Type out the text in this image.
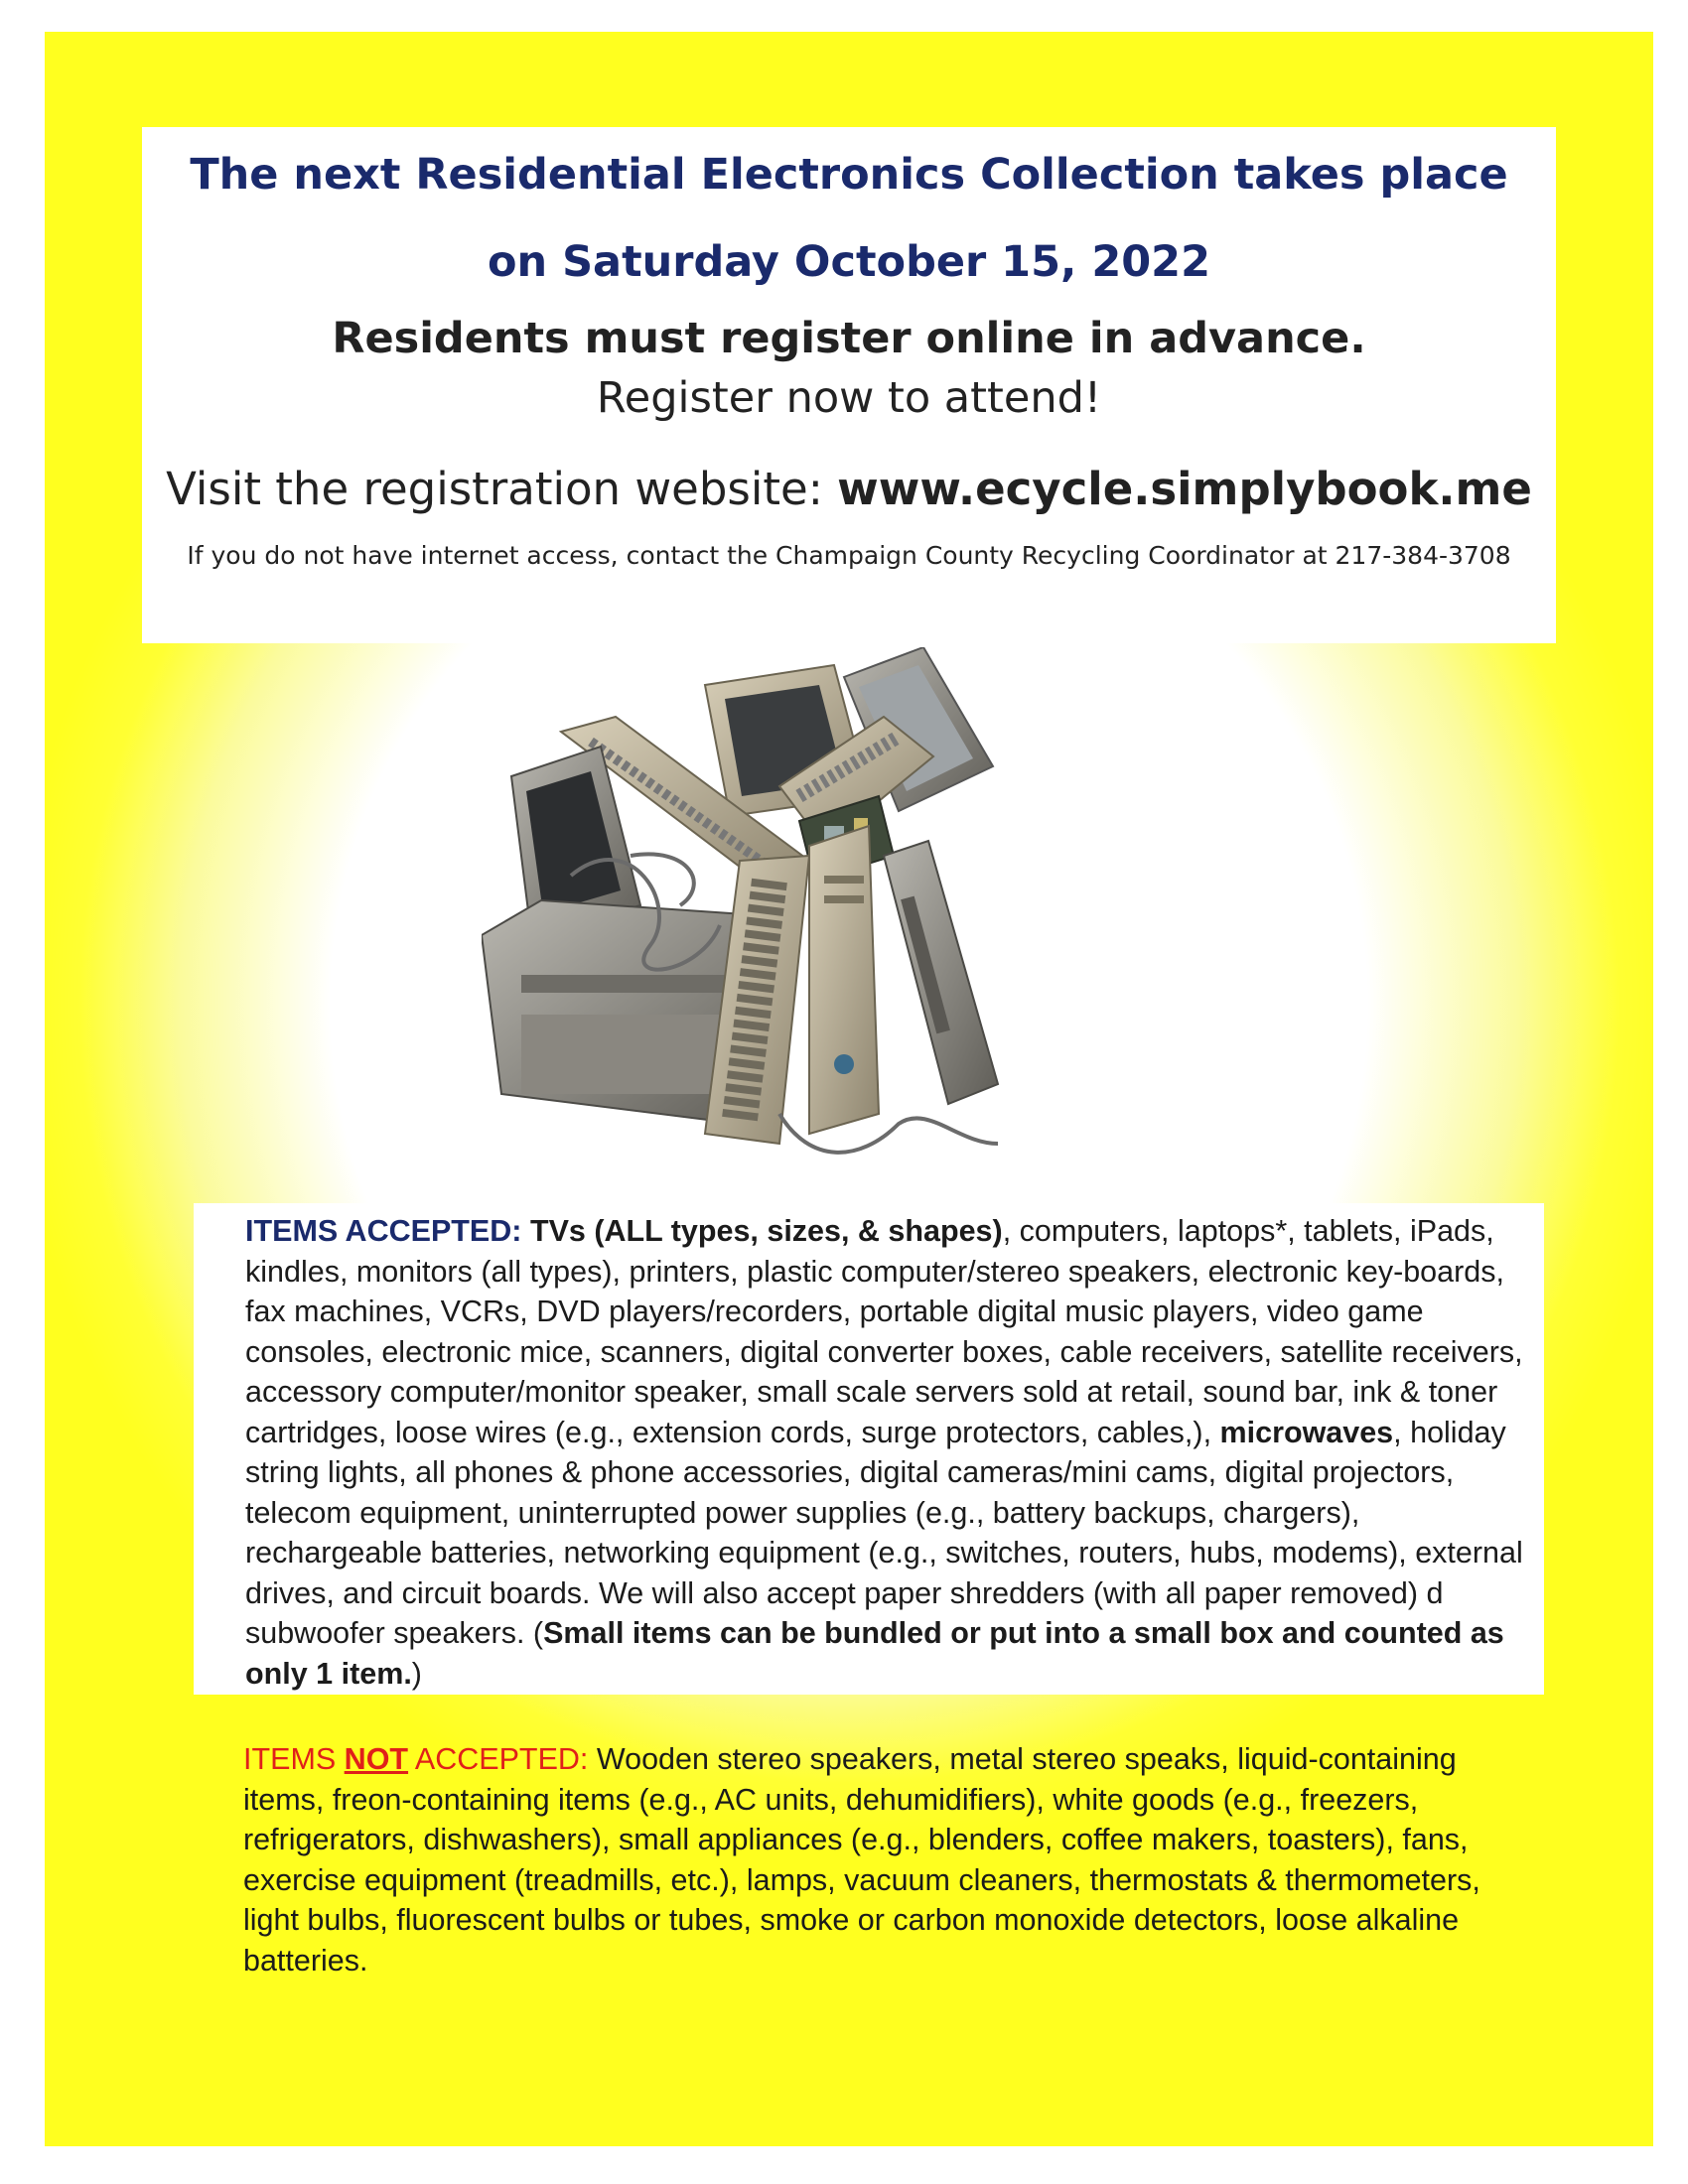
The next Residential Electronics Collection takes place
on Saturday October 15, 2022

Residents must register online in advance.
Register now to attend!
Visit the registration website: www.ecycle.simplybook.me
If you do not have internet access, contact the Champaign County Recycling Coordinator at 217-384-3708
ITEMS ACCEPTED: TVs (ALL types, sizes, & shapes), computers, laptops*, tablets, iPads, kindles, monitors (all types), printers, plastic computer/stereo speakers, electronic key-boards, fax machines, VCRs, DVD players/recorders, portable digital music players, video game consoles, electronic mice, scanners, digital converter boxes, cable receivers, satellite receivers, accessory computer/monitor speaker, small scale servers sold at retail, sound bar, ink & toner cartridges, loose wires (e.g., extension cords, surge protectors, cables,), microwaves, holiday string lights, all phones & phone accessories, digital cameras/mini cams, digital projectors, telecom equipment, uninterrupted power supplies (e.g., battery backups, chargers), rechargeable batteries, networking equipment (e.g., switches, routers, hubs, modems), external drives, and circuit boards. We will also accept paper shredders (with all paper removed) d subwoofer speakers. (Small items can be bundled or put into a small box and counted as only 1 item.)
ITEMS NOT ACCEPTED: Wooden stereo speakers, metal stereo speaks, liquid-containing items, freon-containing items (e.g., AC units, dehumidifiers), white goods (e.g., freezers, refrigerators, dishwashers), small appliances (e.g., blenders, coffee makers, toasters), fans, exercise equipment (treadmills, etc.), lamps, vacuum cleaners, thermostats & thermometers, light bulbs, fluorescent bulbs or tubes, smoke or carbon monoxide detectors, loose alkaline batteries.
